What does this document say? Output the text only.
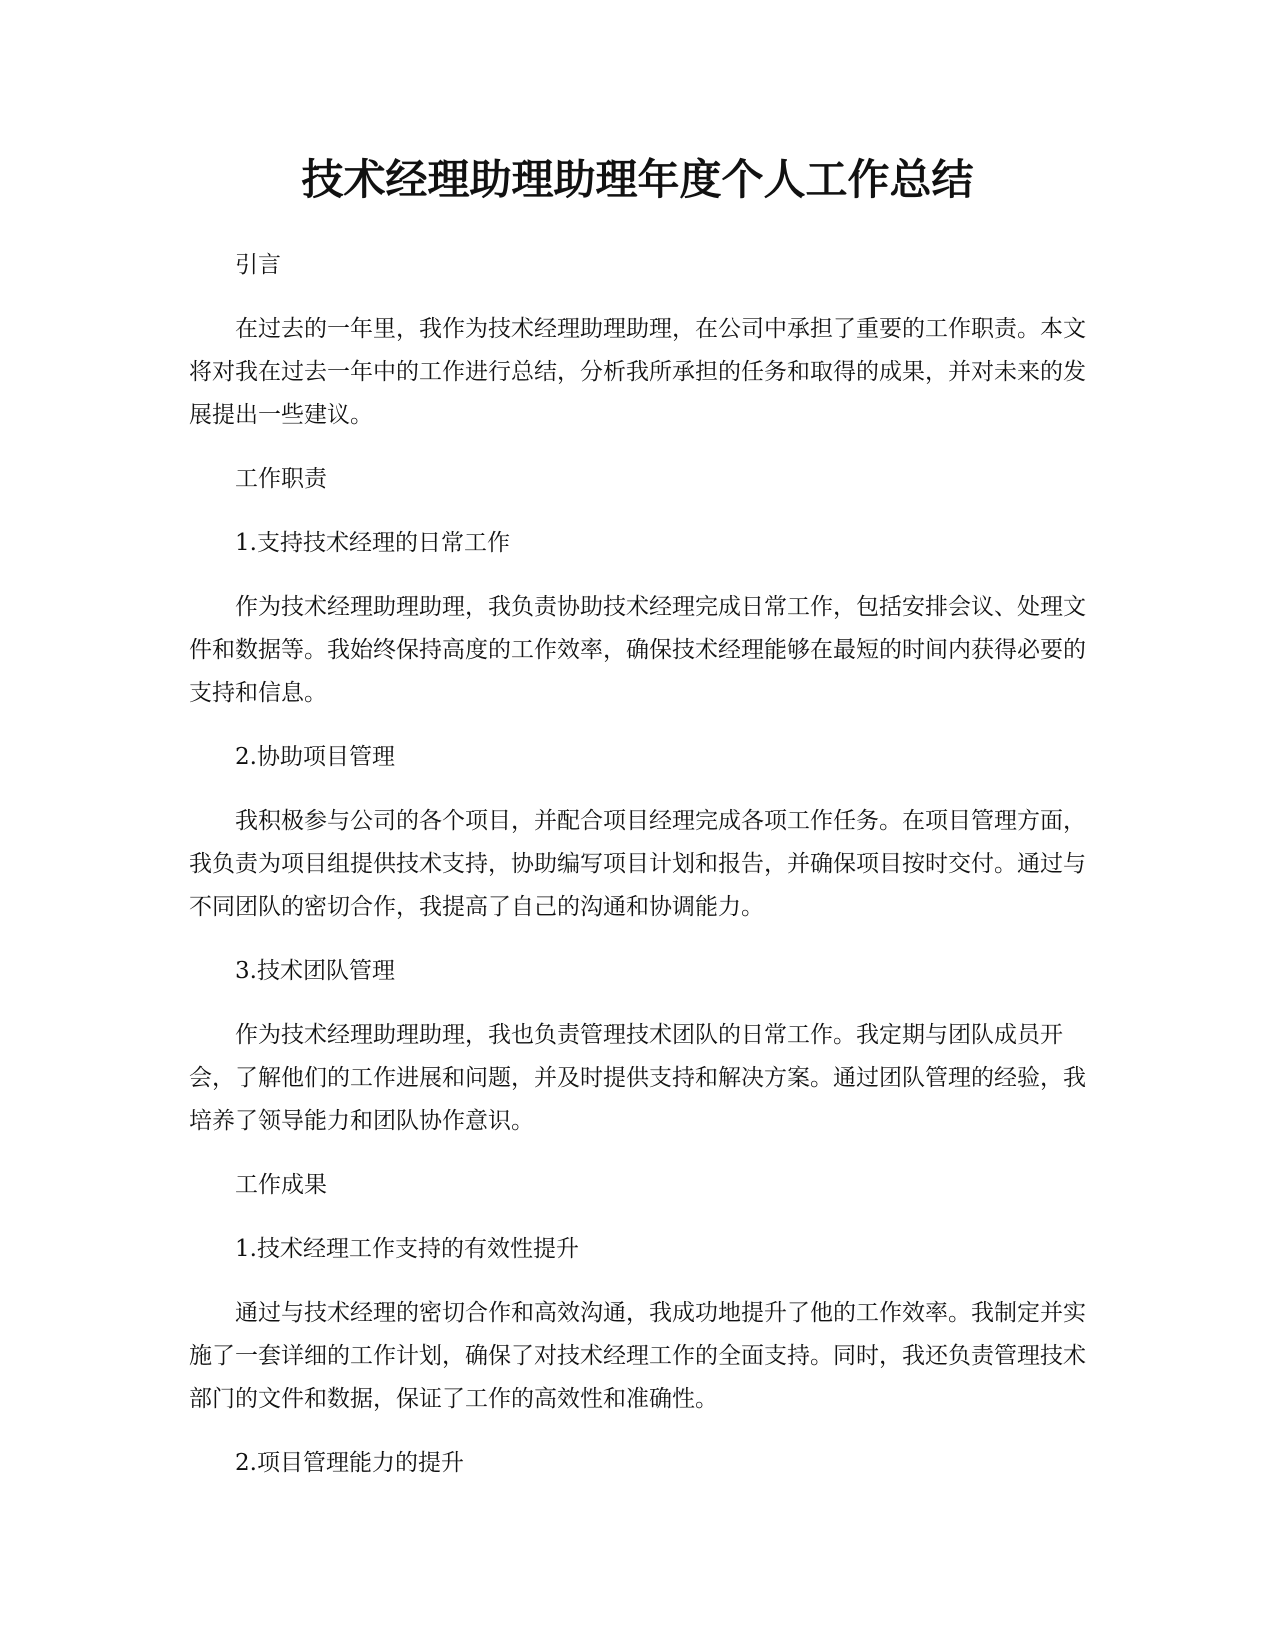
技术经理助理助理年度个人工作总结

引言

在过去的一年里，我作为技术经理助理助理，在公司中承担了重要的工作职责。本文将对我在过去一年中的工作进行总结，分析我所承担的任务和取得的成果，并对未来的发展提出一些建议。

工作职责

1.支持技术经理的日常工作

作为技术经理助理助理，我负责协助技术经理完成日常工作，包括安排会议、处理文件和数据等。我始终保持高度的工作效率，确保技术经理能够在最短的时间内获得必要的支持和信息。

2.协助项目管理

我积极参与公司的各个项目，并配合项目经理完成各项工作任务。在项目管理方面，我负责为项目组提供技术支持，协助编写项目计划和报告，并确保项目按时交付。通过与不同团队的密切合作，我提高了自己的沟通和协调能力。

3.技术团队管理

作为技术经理助理助理，我也负责管理技术团队的日常工作。我定期与团队成员开会，了解他们的工作进展和问题，并及时提供支持和解决方案。通过团队管理的经验，我培养了领导能力和团队协作意识。

工作成果

1.技术经理工作支持的有效性提升

通过与技术经理的密切合作和高效沟通，我成功地提升了他的工作效率。我制定并实施了一套详细的工作计划，确保了对技术经理工作的全面支持。同时，我还负责管理技术部门的文件和数据，保证了工作的高效性和准确性。

2.项目管理能力的提升
